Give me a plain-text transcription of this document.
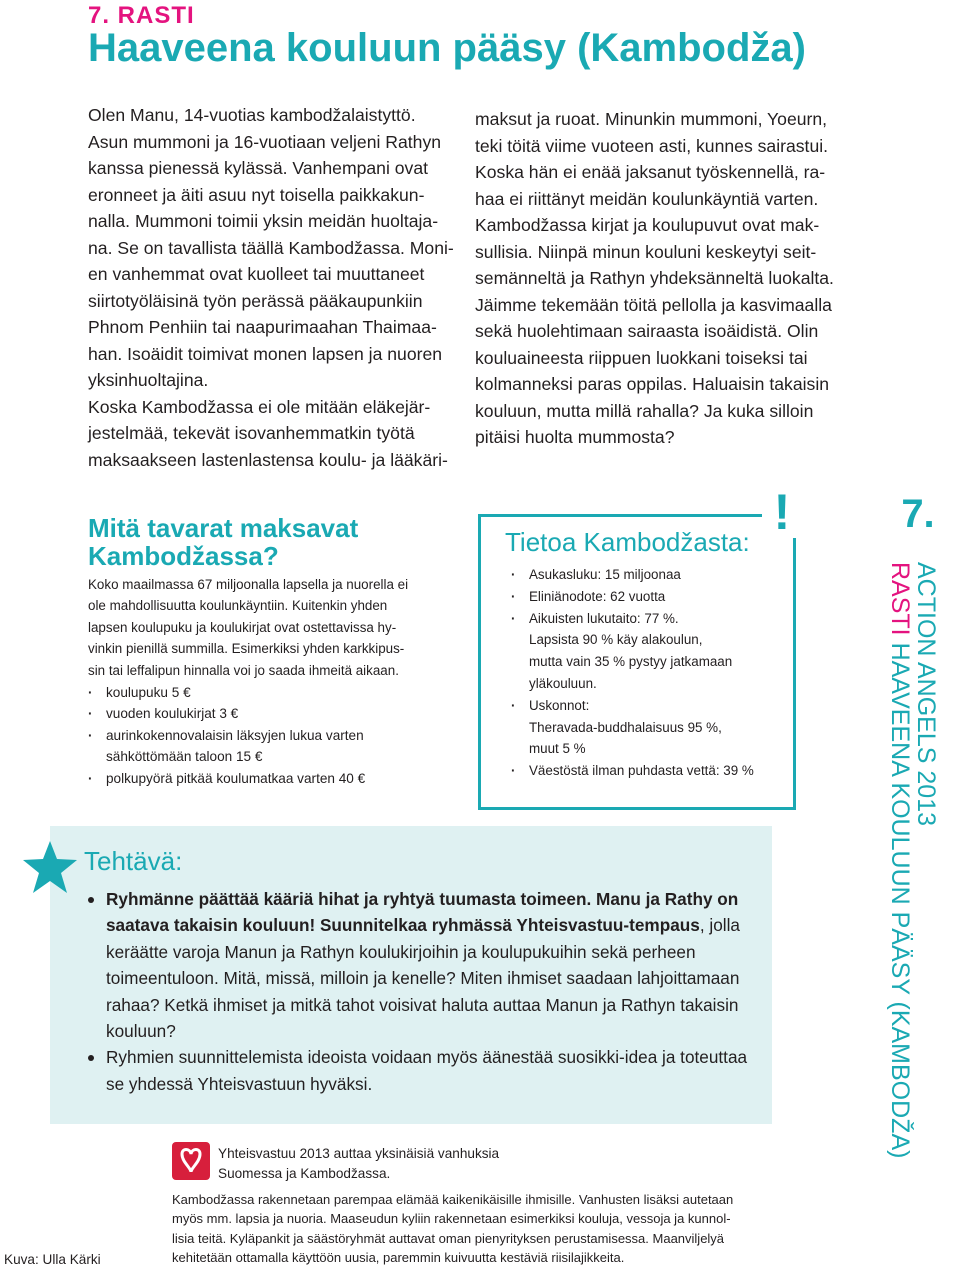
7. RASTI
Haaveena kouluun pääsy (Kambodža)

Olen Manu, 14-vuotias kambodžalaistyttö.
Asun mummoni ja 16-vuotiaan veljeni Rathyn
kanssa pienessä kylässä. Vanhempani ovat
eronneet ja äiti asuu nyt toisella paikkakun-
nalla. Mummoni toimii yksin meidän huoltaja-
na. Se on tavallista täällä Kambodžassa. Moni-
en vanhemmat ovat kuolleet tai muuttaneet
siirtotyöläisinä työn perässä pääkaupunkiin
Phnom Penhiin tai naapurimaahan Thaimaa-
han. Isoäidit toimivat monen lapsen ja nuoren
yksinhuoltajina.

Koska Kambodžassa ei ole mitään eläkejär-
jestelmää, tekevät isovanhemmatkin työtä
maksaakseen lastenlastensa koulu- ja lääkäri-

maksut ja ruoat. Minunkin mummoni, Yoeurn,
teki töitä viime vuoteen asti, kunnes sairastui.
Koska hän ei enää jaksanut työskennellä, ra-
haa ei riittänyt meidän koulunkäyntiä varten.
Kambodžassa kirjat ja koulupuvut ovat mak-
sullisia. Niinpä minun kouluni keskeytyi seit-
semänneltä ja Rathyn yhdeksänneltä luokalta.
Jäimme tekemään töitä pellolla ja kasvimaalla
sekä huolehtimaan sairaasta isoäidistä. Olin
kouluaineesta riippuen luokkani toiseksi tai
kolmanneksi paras oppilas. Haluaisin takaisin
kouluun, mutta millä rahalla? Ja kuka silloin
pitäisi huolta mummosta?

Mitä tavarat maksavat
Kambodžassa?

Koko maailmassa 67 miljoonalla lapsella ja nuorella ei
ole mahdollisuutta koulunkäyntiin. Kuitenkin yhden
lapsen koulupuku ja koulukirjat ovat ostettavissa hy-
vinkin pienillä summilla. Esimerkiksi yhden karkkipus-
sin tai leffalipun hinnalla voi jo saada ihmeitä aikaan.

· koulupuku 5 €
· vuoden koulukirjat 3 €
· aurinkokennovalaisin läksyjen lukua varten
sähköttömään taloon 15 €
· polkupyörä pitkää koulumatkaa varten 40 €
Tietoa Kambodžasta:
!
· Asukasluku: 15 miljoonaa
· Eliniänodote: 62 vuotta
· Aikuisten lukutaito: 77 %.
Lapsista 90 % käy alakoulun,
mutta vain 35 % pystyy jatkamaan
yläkouluun.
· Uskonnot:
Theravada-buddhalaisuus 95 %,
muut 5 %
· Väestöstä ilman puhdasta vettä: 39 %
Tehtävä:
Ryhmänne päättää kääriä hihat ja ryhtyä tuumasta toimeen. Manu ja Rathy on saatava takaisin kouluun! Suunnitelkaa ryhmässä Yhteisvastuu-tempaus, jolla keräätte varoja Manun ja Rathyn koulukirjoihin ja koulupukuihin sekä perheen toimeentuloon. Mitä, missä, milloin ja kenelle? Miten ihmiset saadaan lahjoittamaan rahaa? Ketkä ihmiset ja mitkä tahot voisivat haluta auttaa Manun ja Rathyn takaisin kouluun?
Ryhmien suunnittelemista ideoista voidaan myös äänestää suosikki-idea ja toteuttaa se yhdessä Yhteisvastuun hyväksi.
7.
ACTION ANGELS 2013
RASTI HAAVEENA KOULUUN PÄÄSY (KAMBODŽA)
Yhteisvastuu 2013 auttaa yksinäisiä vanhuksia
Suomessa ja Kambodžassa.
Kambodžassa rakennetaan parempaa elämää kaikenikäisille ihmisille. Vanhusten lisäksi autetaan
myös mm. lapsia ja nuoria. Maaseudun kyliin rakennetaan esimerkiksi kouluja, vessoja ja kunnol-
lisia teitä. Kyläpankit ja säästöryhmät auttavat oman pienyrityksen perustamisessa. Maanviljelyä
kehitetään ottamalla käyttöön uusia, paremmin kuivuutta kestäviä riisilajikkeita.
Kuva: Ulla Kärki
